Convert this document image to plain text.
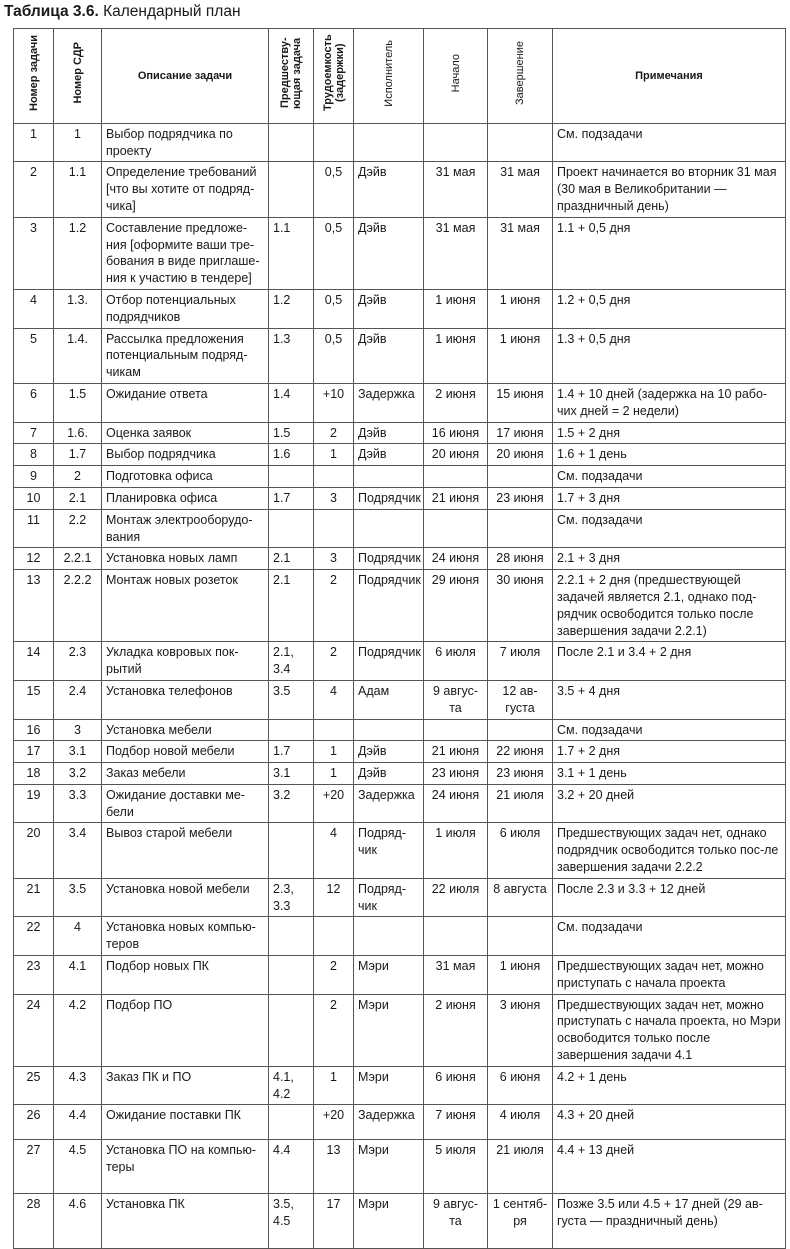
Таблица 3.6. Календарный план
Номер задачи	Номер СДР	Описание задачи	Предшеству-ющая задача	Трудоемкость (задержки)	Исполнитель	Начало	Завершение	Примечания

1	1	Выбор подрядчика по проекту						См. подзадачи
2	1.1	Определение требований [что вы хотите от подряд-чика]		0,5	Дэйв	31 мая	31 мая	Проект начинается во вторник 31 мая (30 мая в Великобритании — праздничный день)
3	1.2	Составление предложе-ния [оформите ваши тре-бования в виде приглаше-ния к участию в тендере]	1.1	0,5	Дэйв	31 мая	31 мая	1.1 + 0,5 дня
4	1.3.	Отбор потенциальных подрядчиков	1.2	0,5	Дэйв	1 июня	1 июня	1.2 + 0,5 дня
5	1.4.	Рассылка предложения потенциальным подряд-чикам	1.3	0,5	Дэйв	1 июня	1 июня	1.3 + 0,5 дня
6	1.5	Ожидание ответа	1.4	+10	Задержка	2 июня	15 июня	1.4 + 10 дней (задержка на 10 рабо-чих дней = 2 недели)
7	1.6.	Оценка заявок	1.5	2	Дэйв	16 июня	17 июня	1.5 + 2 дня
8	1.7	Выбор подрядчика	1.6	1	Дэйв	20 июня	20 июня	1.6 + 1 день
9	2	Подготовка офиса						См. подзадачи
10	2.1	Планировка офиса	1.7	3	Подрядчик	21 июня	23 июня	1.7 + 3 дня
11	2.2	Монтаж электрооборудо-вания						См. подзадачи
12	2.2.1	Установка новых ламп	2.1	3	Подрядчик	24 июня	28 июня	2.1 + 3 дня
13	2.2.2	Монтаж новых розеток	2.1	2	Подрядчик	29 июня	30 июня	2.2.1 + 2 дня (предшествующей задачей является 2.1, однако под-рядчик освободится только после завершения задачи 2.2.1)
14	2.3	Укладка ковровых пок-рытий	2.1, 3.4	2	Подрядчик	6 июля	7 июля	После 2.1 и 3.4 + 2 дня
15	2.4	Установка телефонов	3.5	4	Адам	9 авгус-та	12 ав-густа	3.5 + 4 дня
16	3	Установка мебели						См. подзадачи
17	3.1	Подбор новой мебели	1.7	1	Дэйв	21 июня	22 июня	1.7 + 2 дня
18	3.2	Заказ мебели	3.1	1	Дэйв	23 июня	23 июня	3.1 + 1 день
19	3.3	Ожидание доставки ме-бели	3.2	+20	Задержка	24 июня	21 июля	3.2 + 20 дней
20	3.4	Вывоз старой мебели		4	Подряд-чик	1 июля	6 июля	Предшествующих задач нет, однако подрядчик освободится только пос-ле завершения задачи 2.2.2
21	3.5	Установка новой мебели	2.3, 3.3	12	Подряд-чик	22 июля	8 августа	После 2.3 и 3.3 + 12 дней
22	4	Установка новых компью-теров						См. подзадачи
23	4.1	Подбор новых ПК		2	Мэри	31 мая	1 июня	Предшествующих задач нет, можно приступать с начала проекта
24	4.2	Подбор ПО		2	Мэри	2 июня	3 июня	Предшествующих задач нет, можно приступать с начала проекта, но Мэри освободится только после завершения задачи 4.1
25	4.3	Заказ ПК и ПО	4.1, 4.2	1	Мэри	6 июня	6 июня	4.2 + 1 день
26	4.4	Ожидание поставки ПК		+20	Задержка	7 июня	4 июля	4.3 + 20 дней
27	4.5	Установка ПО на компью-теры	4.4	13	Мэри	5 июля	21 июля	4.4 + 13 дней
28	4.6	Установка ПК	3.5, 4.5	17	Мэри	9 авгус-та	1 сентяб-ря	Позже 3.5 или 4.5 + 17 дней (29 ав-густа — праздничный день)
